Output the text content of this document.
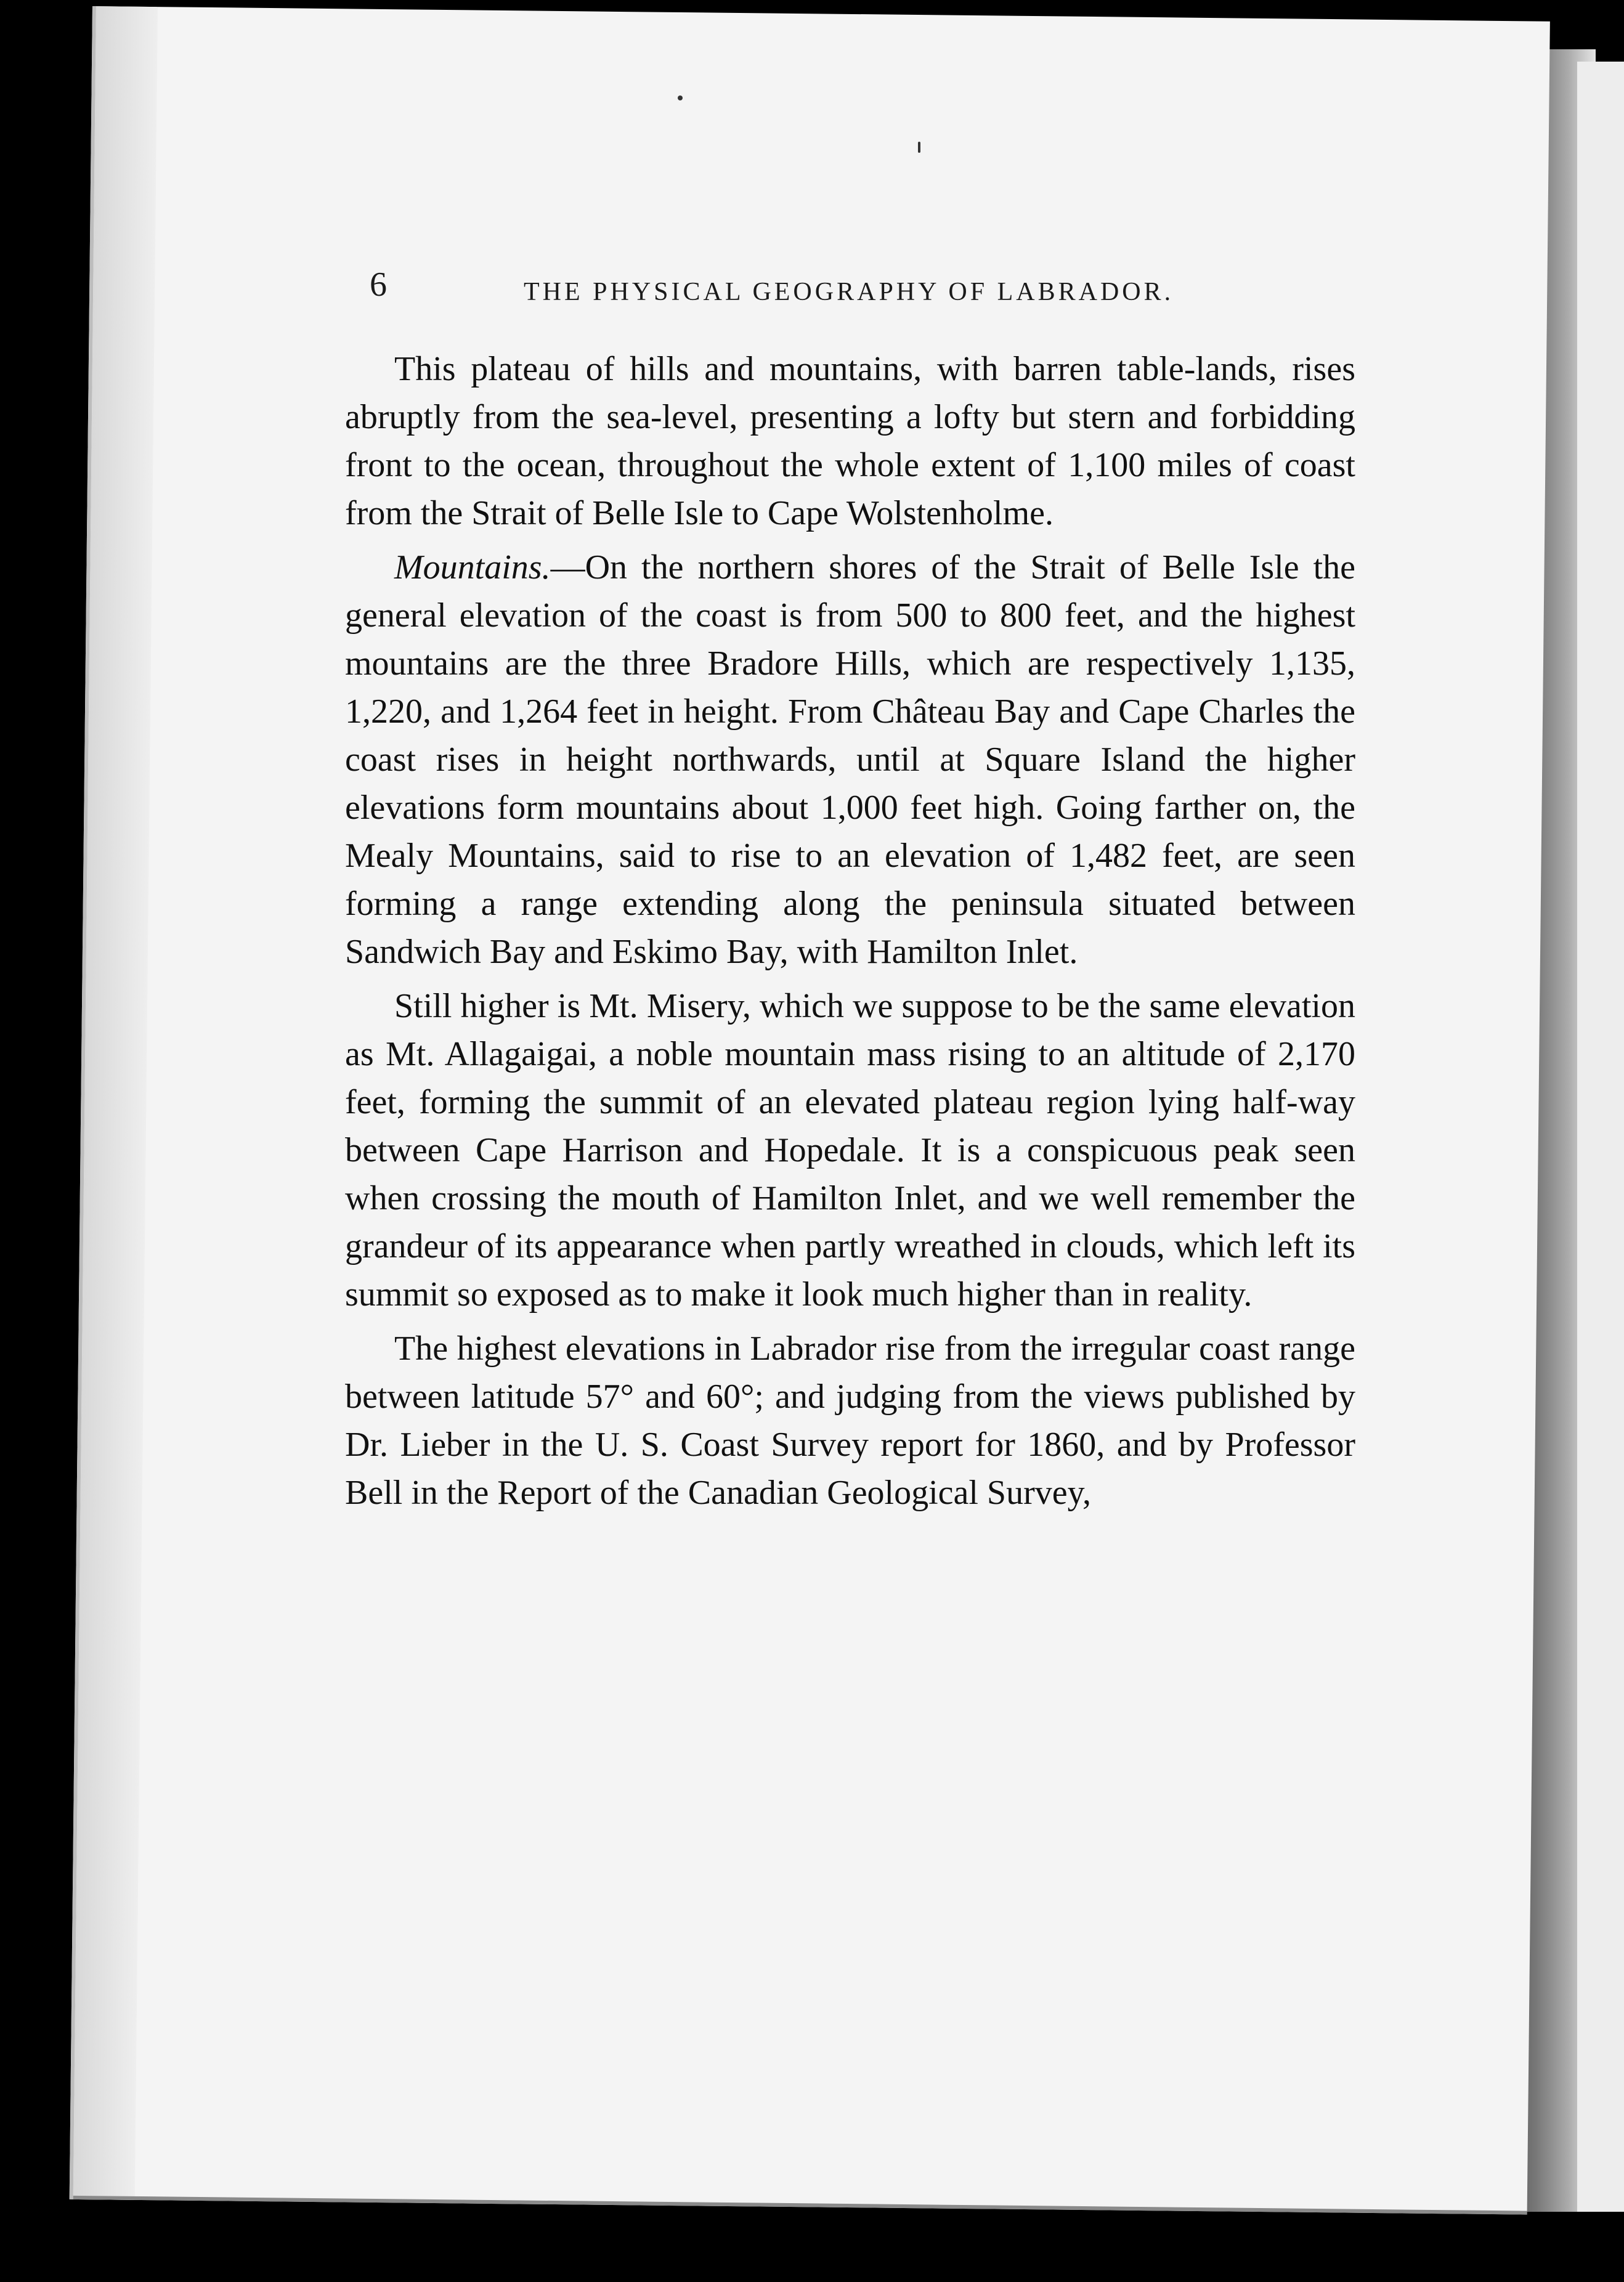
6	THE PHYSICAL GEOGRAPHY OF LABRADOR.

This plateau of hills and mountains, with barren table-lands, rises abruptly from the sea-level, presenting a lofty but stern and forbidding front to the ocean, throughout the whole extent of 1,100 miles of coast from the Strait of Belle Isle to Cape Wolstenholme.

Mountains.—On the northern shores of the Strait of Belle Isle the general elevation of the coast is from 500 to 800 feet, and the highest mountains are the three Bradore Hills, which are respectively 1,135, 1,220, and 1,264 feet in height. From Château Bay and Cape Charles the coast rises in height northwards, until at Square Island the higher elevations form mountains about 1,000 feet high. Going farther on, the Mealy Mountains, said to rise to an elevation of 1,482 feet, are seen forming a range extending along the peninsula situated between Sandwich Bay and Eskimo Bay, with Hamilton Inlet.

Still higher is Mt. Misery, which we suppose to be the same elevation as Mt. Allagaigai, a noble mountain mass rising to an altitude of 2,170 feet, forming the summit of an elevated plateau region lying half-way between Cape Harrison and Hopedale. It is a conspicuous peak seen when crossing the mouth of Hamilton Inlet, and we well remember the grandeur of its appearance when partly wreathed in clouds, which left its summit so exposed as to make it look much higher than in reality.

The highest elevations in Labrador rise from the irregular coast range between latitude 57° and 60°; and judging from the views published by Dr. Lieber in the U. S. Coast Survey report for 1860, and by Professor Bell in the Report of the Canadian Geological Survey,
